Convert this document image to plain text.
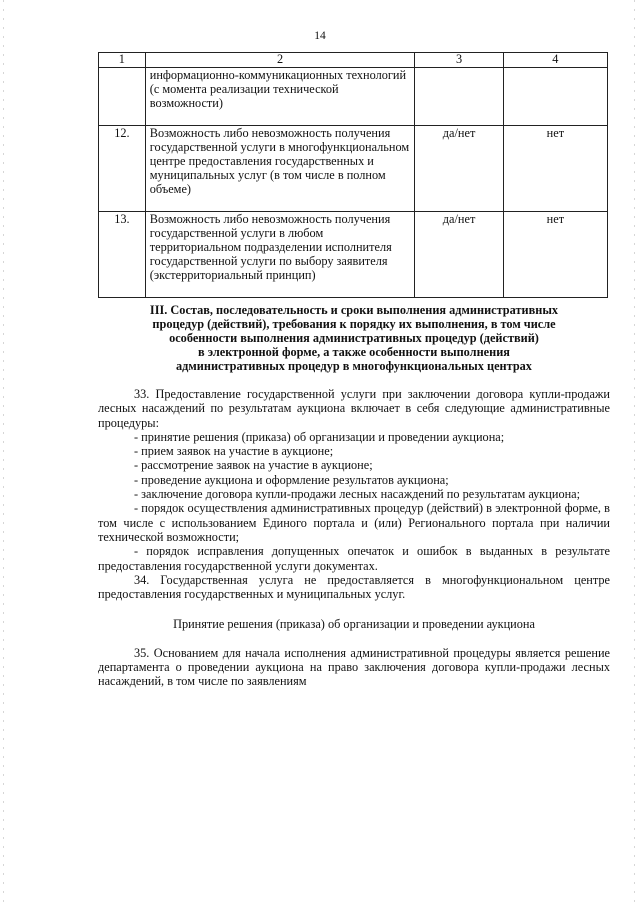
14
1	2	3	4
	информационно-коммуникационных технологий (с момента реализации технической возможности)		
12.	Возможность либо невозможность получения государственной услуги в многофункциональном центре предоставления государственных и муниципальных услуг (в том числе в полном объеме)	да/нет	нет
13.	Возможность либо невозможность получения государственной услуги в любом территориальном подразделении исполнителя государственной услуги по выбору заявителя (экстерриториальный принцип)	да/нет	нет
III. Состав, последовательность и сроки выполнения административных
процедур (действий), требования к порядку их выполнения, в том числе
особенности выполнения административных процедур (действий)
в электронной форме, а также особенности выполнения
административных процедур в многофункциональных центрах

33. Предоставление государственной услуги при заключении договора купли-продажи лесных насаждений по результатам аукциона включает в себя следующие административные процедуры:

- принятие решения (приказа) об организации и проведении аукциона;

- прием заявок на участие в аукционе;

- рассмотрение заявок на участие в аукционе;

- проведение аукциона и оформление результатов аукциона;

- заключение договора купли-продажи лесных насаждений по результатам аукциона;

- порядок осуществления административных процедур (действий) в электронной форме, в том числе с использованием Единого портала и (или) Регионального портала при наличии технической возможности;

- порядок исправления допущенных опечаток и ошибок в выданных в результате предоставления государственной услуги документах.

34. Государственная услуга не предоставляется в многофункциональном центре предоставления государственных и муниципальных услуг.

Принятие решения (приказа) об организации и проведении аукциона

35. Основанием для начала исполнения административной процедуры является решение департамента о проведении аукциона на право заключения договора купли-продажи лесных насаждений, в том числе по заявлениям
